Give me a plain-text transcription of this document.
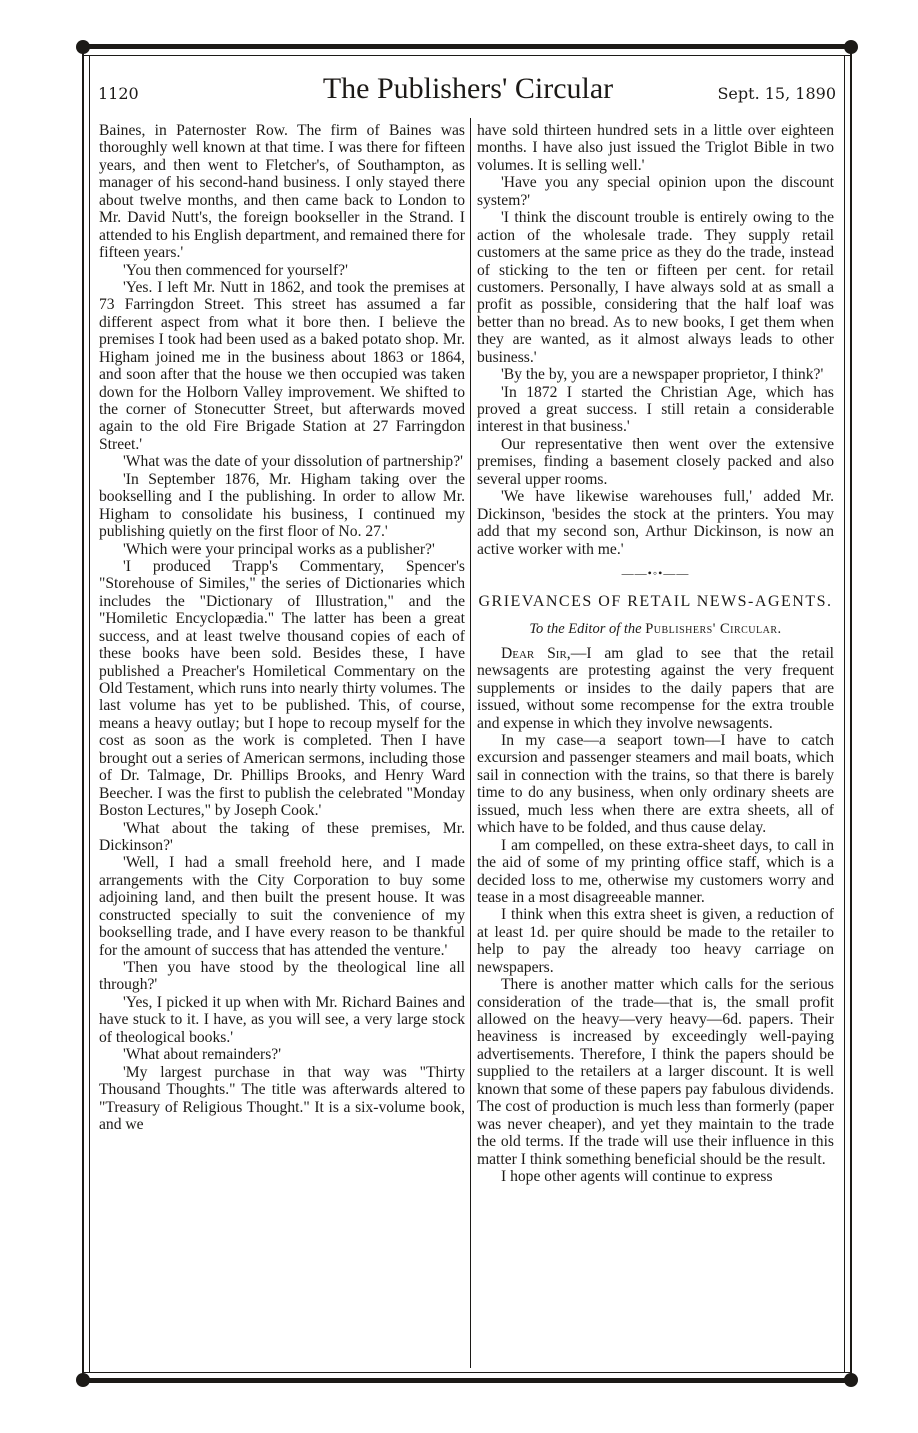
1120	The Publishers' Circular	Sept. 15, 1890

Baines, in Paternoster Row. The firm of Baines was thoroughly well known at that time. I was there for fifteen years, and then went to Fletcher's, of Southampton, as manager of his second-hand business. I only stayed there about twelve months, and then came back to London to Mr. David Nutt's, the foreign bookseller in the Strand. I attended to his English department, and remained there for fifteen years.'

'You then commenced for yourself?'

'Yes. I left Mr. Nutt in 1862, and took the premises at 73 Farringdon Street. This street has assumed a far different aspect from what it bore then. I believe the premises I took had been used as a baked potato shop. Mr. Higham joined me in the business about 1863 or 1864, and soon after that the house we then occupied was taken down for the Holborn Valley improvement. We shifted to the corner of Stonecutter Street, but afterwards moved again to the old Fire Brigade Station at 27 Farringdon Street.'

'What was the date of your dissolution of partnership?'

'In September 1876, Mr. Higham taking over the bookselling and I the publishing. In order to allow Mr. Higham to consolidate his business, I continued my publishing quietly on the first floor of No. 27.'

'Which were your principal works as a publisher?'

'I produced Trapp's Commentary, Spencer's "Storehouse of Similes," the series of Dictionaries which includes the "Dictionary of Illustration," and the "Homiletic Encyclopædia." The latter has been a great success, and at least twelve thousand copies of each of these books have been sold. Besides these, I have published a Preacher's Homiletical Commentary on the Old Testament, which runs into nearly thirty volumes. The last volume has yet to be published. This, of course, means a heavy outlay; but I hope to recoup myself for the cost as soon as the work is completed. Then I have brought out a series of American sermons, including those of Dr. Talmage, Dr. Phillips Brooks, and Henry Ward Beecher. I was the first to publish the celebrated "Monday Boston Lectures," by Joseph Cook.'

'What about the taking of these premises, Mr. Dickinson?'

'Well, I had a small freehold here, and I made arrangements with the City Corporation to buy some adjoining land, and then built the present house. It was constructed specially to suit the convenience of my bookselling trade, and I have every reason to be thankful for the amount of success that has attended the venture.'

'Then you have stood by the theological line all through?'

'Yes, I picked it up when with Mr. Richard Baines and have stuck to it. I have, as you will see, a very large stock of theological books.'

'What about remainders?'

'My largest purchase in that way was "Thirty Thousand Thoughts." The title was afterwards altered to "Treasury of Religious Thought." It is a six-volume book, and we

have sold thirteen hundred sets in a little over eighteen months. I have also just issued the Triglot Bible in two volumes. It is selling well.'

'Have you any special opinion upon the discount system?'

'I think the discount trouble is entirely owing to the action of the wholesale trade. They supply retail customers at the same price as they do the trade, instead of sticking to the ten or fifteen per cent. for retail customers. Personally, I have always sold at as small a profit as possible, considering that the half loaf was better than no bread. As to new books, I get them when they are wanted, as it almost always leads to other business.'

'By the by, you are a newspaper proprietor, I think?'

'In 1872 I started the Christian Age, which has proved a great success. I still retain a considerable interest in that business.'

Our representative then went over the extensive premises, finding a basement closely packed and also several upper rooms.

'We have likewise warehouses full,' added Mr. Dickinson, 'besides the stock at the printers. You may add that my second son, Arthur Dickinson, is now an active worker with me.'

——•◦•——
GRIEVANCES OF RETAIL NEWS-AGENTS.
To the Editor of the Publishers' Circular.

Dear Sir,—I am glad to see that the retail newsagents are protesting against the very frequent supplements or insides to the daily papers that are issued, without some recompense for the extra trouble and expense in which they involve newsagents.

In my case—a seaport town—I have to catch excursion and passenger steamers and mail boats, which sail in connection with the trains, so that there is barely time to do any business, when only ordinary sheets are issued, much less when there are extra sheets, all of which have to be folded, and thus cause delay.

I am compelled, on these extra-sheet days, to call in the aid of some of my printing office staff, which is a decided loss to me, otherwise my customers worry and tease in a most disagreeable manner.

I think when this extra sheet is given, a reduction of at least 1d. per quire should be made to the retailer to help to pay the already too heavy carriage on newspapers.

There is another matter which calls for the serious consideration of the trade—that is, the small profit allowed on the heavy—very heavy—6d. papers. Their heaviness is increased by exceedingly well-paying advertisements. Therefore, I think the papers should be supplied to the retailers at a larger discount. It is well known that some of these papers pay fabulous dividends. The cost of production is much less than formerly (paper was never cheaper), and yet they maintain to the trade the old terms. If the trade will use their influence in this matter I think something beneficial should be the result.

I hope other agents will continue to express
